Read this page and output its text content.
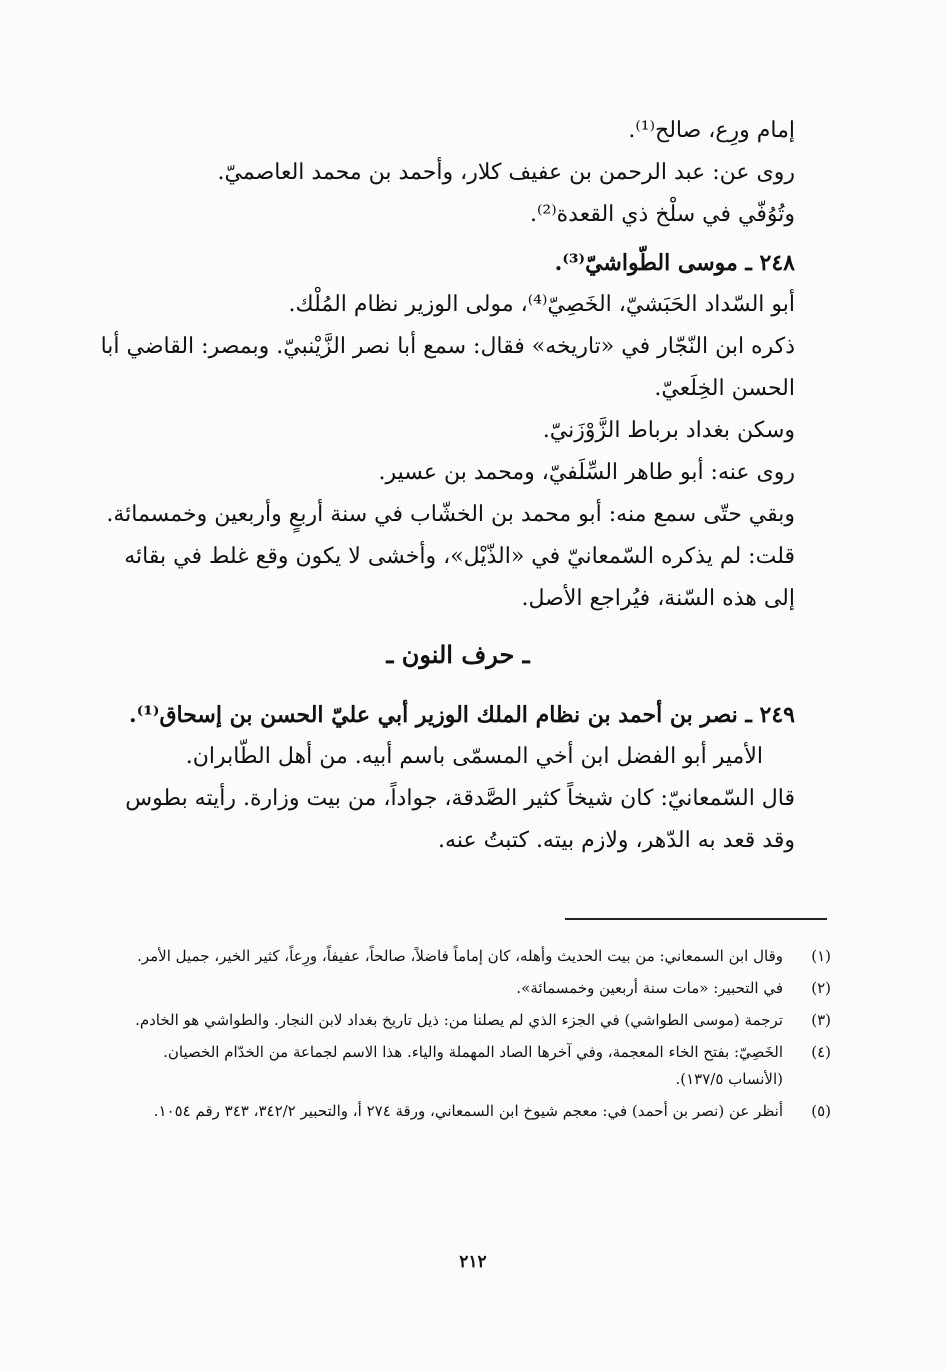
إمام ورِع، صالح⁽¹⁾.

روى عن: عبد الرحمن بن عفيف كلار، وأحمد بن محمد العاصميّ.

وتُوُفّي في سلْخ ذي القعدة⁽²⁾.

٢٤٨ ـ موسى الطّواشيّ⁽³⁾.

أبو السّداد الحَبَشيّ، الخَصِيّ⁽⁴⁾، مولى الوزير نظام المُلْك.

ذكره ابن النّجّار في «تاريخه» فقال: سمع أبا نصر الزَّيْنبيّ. وبمصر: القاضي أبا الحسن الخِلَعيّ.

وسكن بغداد برباط الزَّوْزَنيّ.

روى عنه: أبو طاهر السِّلَفيّ، ومحمد بن عسير.

وبقي حتّى سمع منه: أبو محمد بن الخشّاب في سنة أربعٍ وأربعين وخمسمائة. قلت: لم يذكره السّمعانيّ في «الذّيْل»، وأخشى لا يكون وقع غلط في بقائه إلى هذه السّنة، فيُراجع الأصل.

ـ حرف النون ـ

٢٤٩ ـ نصر بن أحمد بن نظام الملك الوزير أبي عليّ الحسن بن إسحاق⁽¹⁾.

الأمير أبو الفضل ابن أخي المسمّى باسم أبيه. من أهل الطّابران.

قال السّمعانيّ: كان شيخاً كثير الصَّدقة، جواداً، من بيت وزارة. رأيته بطوس وقد قعد به الدّهر، ولازم بيته. كتبتُ عنه.

(١)
وقال ابن السمعاني: من بيت الحديث وأهله، كان إماماً فاضلاً، صالحاً، عفيفاً، ورِعاً، كثير الخير، جميل الأمر.
(٢)
في التحبير: «مات سنة أربعين وخمسمائة».
(٣)
ترجمة (موسى الطواشي) في الجزء الذي لم يصلنا من: ذيل تاريخ بغداد لابن النجار. والطواشي هو الخادم.
(٤)
الخَصِيّ: بفتح الخاء المعجمة، وفي آخرها الصاد المهملة والياء. هذا الاسم لجماعة من الخدّام الخصيان. (الأنساب ١٣٧/٥).
(٥)
أنظر عن (نصر بن أحمد) في: معجم شيوخ ابن السمعاني، ورقة ٢٧٤ أ، والتحبير ٣٤٢/٢، ٣٤٣ رقم ١٠٥٤.
٢١٢
